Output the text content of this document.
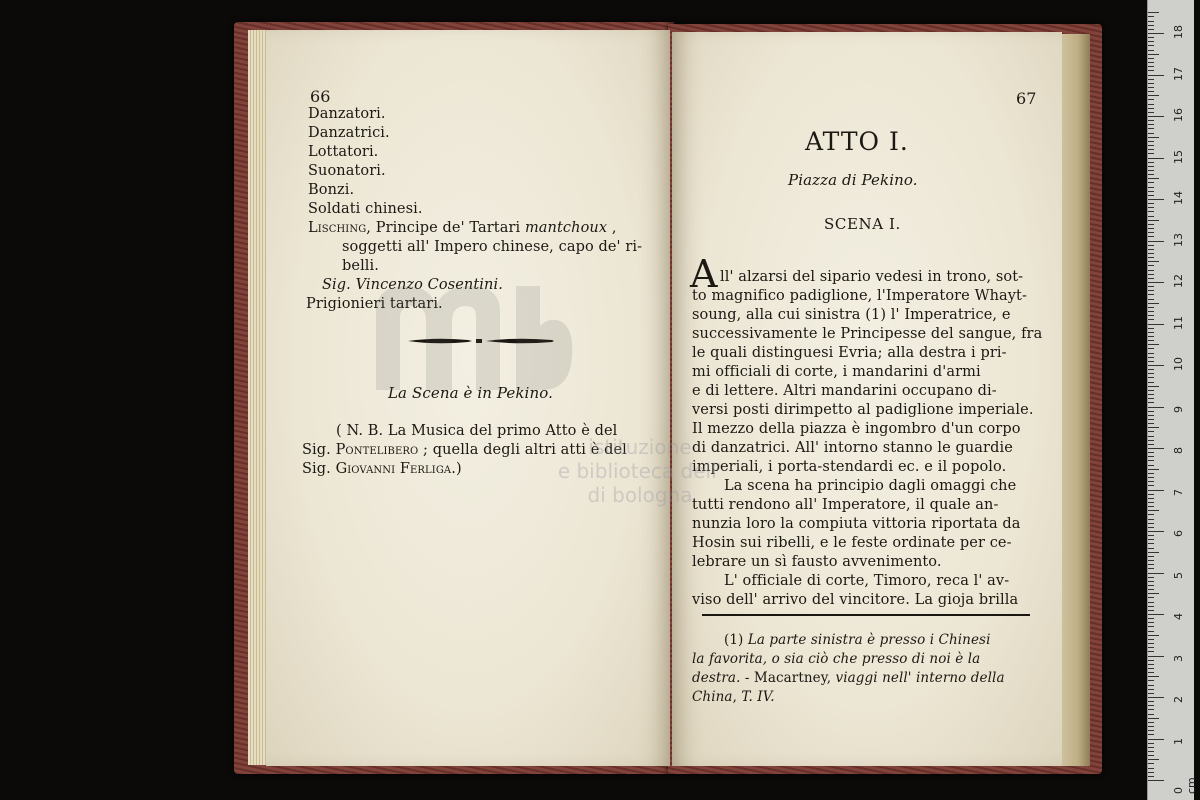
66
Danzatori.
Danzatrici.
Lottatori.
Suonatori.
Bonzi.
Soldati chinesi.
Lisching, Principe de' Tartari mantchoux ,
soggetti all' Impero chinese, capo de' ri-
belli.
Sig. Vincenzo Cosentini.
Prigionieri tartari.
La Scena è in Pekino.
( N. B. La Musica del primo Atto è del
Sig. Pontelibero ; quella degli altri atti è del
Sig. Giovanni Ferliga.)
67
ATTO I.
Piazza di Pekino.
SCENA I.
A ll' alzarsi del sipario vedesi in trono, sot-
to magnifico padiglione, l'Imperatore Whayt-
soung, alla cui sinistra (1) l' Imperatrice, e
successivamente le Principesse del sangue, fra
le quali distinguesi Evria; alla destra i pri-
mi officiali di corte, i mandarini d'armi
e di lettere. Altri mandarini occupano di-
versi posti dirimpetto al padiglione imperiale.
Il mezzo della piazza è ingombro d'un corpo
di danzatrici. All' intorno stanno le guardie
imperiali, i porta-stendardi ec. e il popolo.
La scena ha principio dagli omaggi che
tutti rendono all' Imperatore, il quale an-
nunzia loro la compiuta vittoria riportata da
Hosin sui ribelli, e le feste ordinate per ce-
lebrare un sì fausto avvenimento.
L' officiale di corte, Timoro, reca l' av-
viso dell' arrivo del vincitore. La gioja brilla
(1) La parte sinistra è presso i Chinesi
la favorita, o sia ciò che presso di noi è la
destra. - Macartney, viaggi nell' interno della
China, T. IV.
istituzione
e biblioteca dell'
di bologna
0 cm
1
2
3
4
5
6
7
8
9
10
11
12
13
14
15
16
17
18
